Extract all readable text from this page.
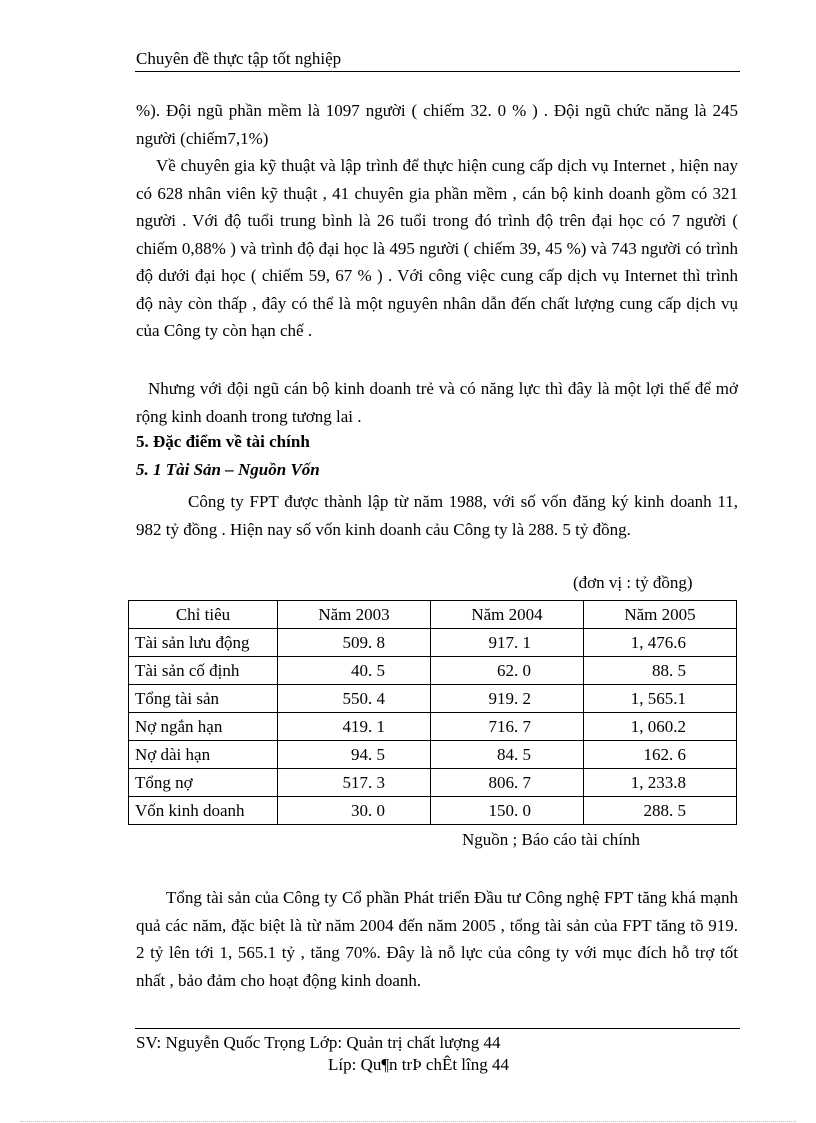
Chuyên đề thực tập tốt nghiệp

%). Đội ngũ phần mềm là 1097 người ( chiếm 32. 0 % ) . Đội ngũ chức năng là 245 người (chiếm7,1%)

Về chuyên gia kỹ thuật và lập trình để thực hiện cung cấp dịch vụ Internet , hiện nay có 628 nhân viên kỹ thuật , 41 chuyên gia phần mềm , cán bộ kinh doanh gồm có 321 người . Với độ tuổi trung bình là 26 tuổi trong đó trình độ trên đại học có 7 người ( chiếm 0,88% ) và trình độ đại học là 495 người ( chiếm 39, 45 %) và 743 người có trình độ dưới đại học ( chiếm 59, 67 % ) . Với công việc cung cấp dịch vụ Internet thì trình độ này còn thấp , đây có thể là một nguyên nhân dẫn đến chất lượng cung cấp dịch vụ của Công ty còn hạn chế .

Nhưng với đội ngũ cán bộ kinh doanh trẻ và có năng lực thì đây là một lợi thế để mở rộng kinh doanh trong tương lai .

5. Đặc điểm về tài chính
5. 1 Tài Sản – Nguồn Vốn

Công ty FPT được thành lập từ năm 1988, với số vốn đăng ký kinh doanh 11, 982 tỷ đồng . Hiện nay số vốn kinh doanh cảu Công ty là 288. 5 tỷ đồng.

(đơn vị : tỷ đồng)
Chỉ tiêu	Năm 2003	Năm 2004	Năm 2005
Tài sản lưu động	509. 8	917. 1	1, 476.6
Tài sản cố định	40. 5	62. 0	88. 5
Tổng tài sản	550. 4	919. 2	1, 565.1
Nợ ngắn hạn	419. 1	716. 7	1, 060.2
Nợ dài hạn	94. 5	84. 5	162. 6
Tổng nợ	517. 3	806. 7	1, 233.8
Vốn kinh doanh	30. 0	150. 0	288. 5
Nguồn ; Báo cáo tài chính

Tổng tài sản của Công ty Cổ phần Phát triển Đầu tư Công nghệ FPT tăng khá mạnh quả các năm, đặc biệt là từ năm 2004 đến năm 2005 , tổng tài sản của FPT tăng tõ 919. 2 tỷ lên tới 1, 565.1 tỷ , tăng 70%. Đây là nỗ lực của công ty với mục đích hỗ trợ tốt nhất , bảo đảm cho hoạt động kinh doanh.

SV: Nguyễn Quốc Trọng Lớp: Quản trị chất lượng 44
Líp: Qu¶n trÞ chÊt lîng 44
